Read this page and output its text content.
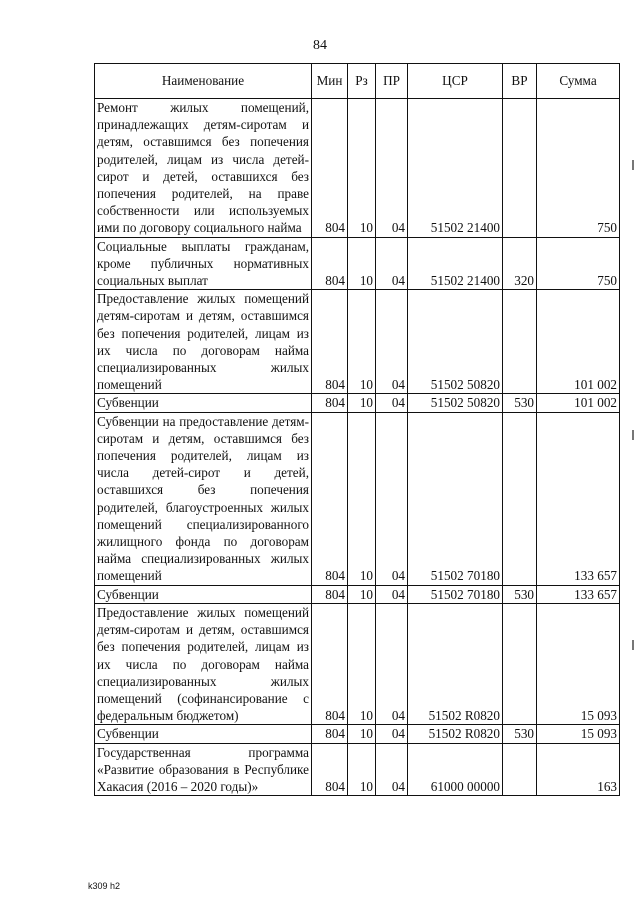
84
Наименование	Мин	Рз	ПР	ЦСР	ВР	Сумма
Ремонт жилых помещений, принадлежащих детям-сиротам и детям, оставшимся без попечения родителей, лицам из числа детей-сирот и детей, оставшихся без попечения родителей, на праве собственности или используемых ими по договору социального найма	804	10	04	51502 21400		750
Социальные выплаты гражданам, кроме публичных нормативных социальных выплат	804	10	04	51502 21400	320	750
Предоставление жилых помещений детям-сиротам и детям, оставшимся без попечения родителей, лицам из их числа по договорам найма специализированных жилых помещений	804	10	04	51502 50820		101 002
Субвенции	804	10	04	51502 50820	530	101 002
Субвенции на предоставление детям-сиротам и детям, оставшимся без попечения родителей, лицам из числа детей-сирот и детей, оставшихся без попечения родителей, благоустроенных жилых помещений специализированного жилищного фонда по договорам найма специализированных жилых помещений	804	10	04	51502 70180		133 657
Субвенции	804	10	04	51502 70180	530	133 657
Предоставление жилых помещений детям-сиротам и детям, оставшимся без попечения родителей, лицам из их числа по договорам найма специализированных жилых помещений (софинансирование с федеральным бюджетом)	804	10	04	51502 R0820		15 093
Субвенции	804	10	04	51502 R0820	530	15 093
Государственная программа «Развитие образования в Республике Хакасия (2016 – 2020 годы)»	804	10	04	61000 00000		163
k309 h2
